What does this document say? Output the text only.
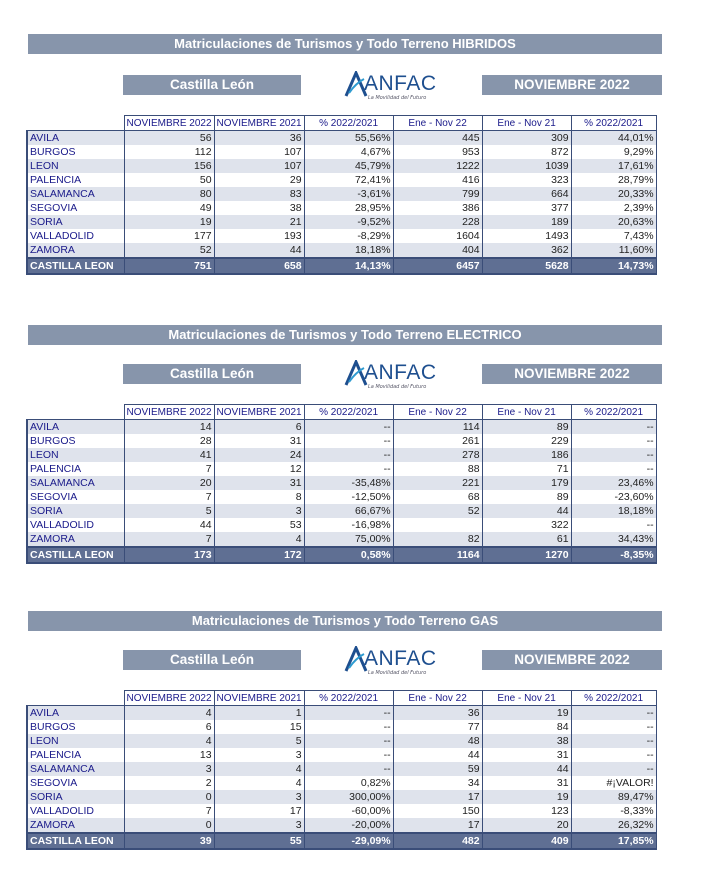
Matriculaciones de Turismos y Todo Terreno HIBRIDOS
Castilla León	ANFAC
La Movilidad del Futuro
NOVIEMBRE 2022
	NOVIEMBRE 2022	NOVIEMBRE 2021	% 2022/2021	Ene - Nov 22	Ene - Nov 21	% 2022/2021
AVILA	56	36	55,56%	445	309	44,01%
BURGOS	112	107	4,67%	953	872	9,29%
LEON	156	107	45,79%	1222	1039	17,61%
PALENCIA	50	29	72,41%	416	323	28,79%
SALAMANCA	80	83	-3,61%	799	664	20,33%
SEGOVIA	49	38	28,95%	386	377	2,39%
SORIA	19	21	-9,52%	228	189	20,63%
VALLADOLID	177	193	-8,29%	1604	1493	7,43%
ZAMORA	52	44	18,18%	404	362	11,60%
CASTILLA LEON	751	658	14,13%	6457	5628	14,73%
Matriculaciones de Turismos y Todo Terreno ELECTRICO
Castilla León	ANFAC
La Movilidad del Futuro
NOVIEMBRE 2022
	NOVIEMBRE 2022	NOVIEMBRE 2021	% 2022/2021	Ene - Nov 22	Ene - Nov 21	% 2022/2021
AVILA	14	6	--	114	89	--
BURGOS	28	31	--	261	229	--
LEON	41	24	--	278	186	--
PALENCIA	7	12	--	88	71	--
SALAMANCA	20	31	-35,48%	221	179	23,46%
SEGOVIA	7	8	-12,50%	68	89	-23,60%
SORIA	5	3	66,67%	52	44	18,18%
VALLADOLID	44	53	-16,98%		322	--
ZAMORA	7	4	75,00%	82	61	34,43%
CASTILLA LEON	173	172	0,58%	1164	1270	-8,35%
Matriculaciones de Turismos y Todo Terreno GAS
Castilla León	ANFAC
La Movilidad del Futuro
NOVIEMBRE 2022
	NOVIEMBRE 2022	NOVIEMBRE 2021	% 2022/2021	Ene - Nov 22	Ene - Nov 21	% 2022/2021
AVILA	4	1	--	36	19	--
BURGOS	6	15	--	77	84	--
LEON	4	5	--	48	38	--
PALENCIA	13	3	--	44	31	--
SALAMANCA	3	4	--	59	44	--
SEGOVIA	2	4	0,82%	34	31	#¡VALOR!
SORIA	0	3	300,00%	17	19	89,47%
VALLADOLID	7	17	-60,00%	150	123	-8,33%
ZAMORA	0	3	-20,00%	17	20	26,32%
CASTILLA LEON	39	55	-29,09%	482	409	17,85%
